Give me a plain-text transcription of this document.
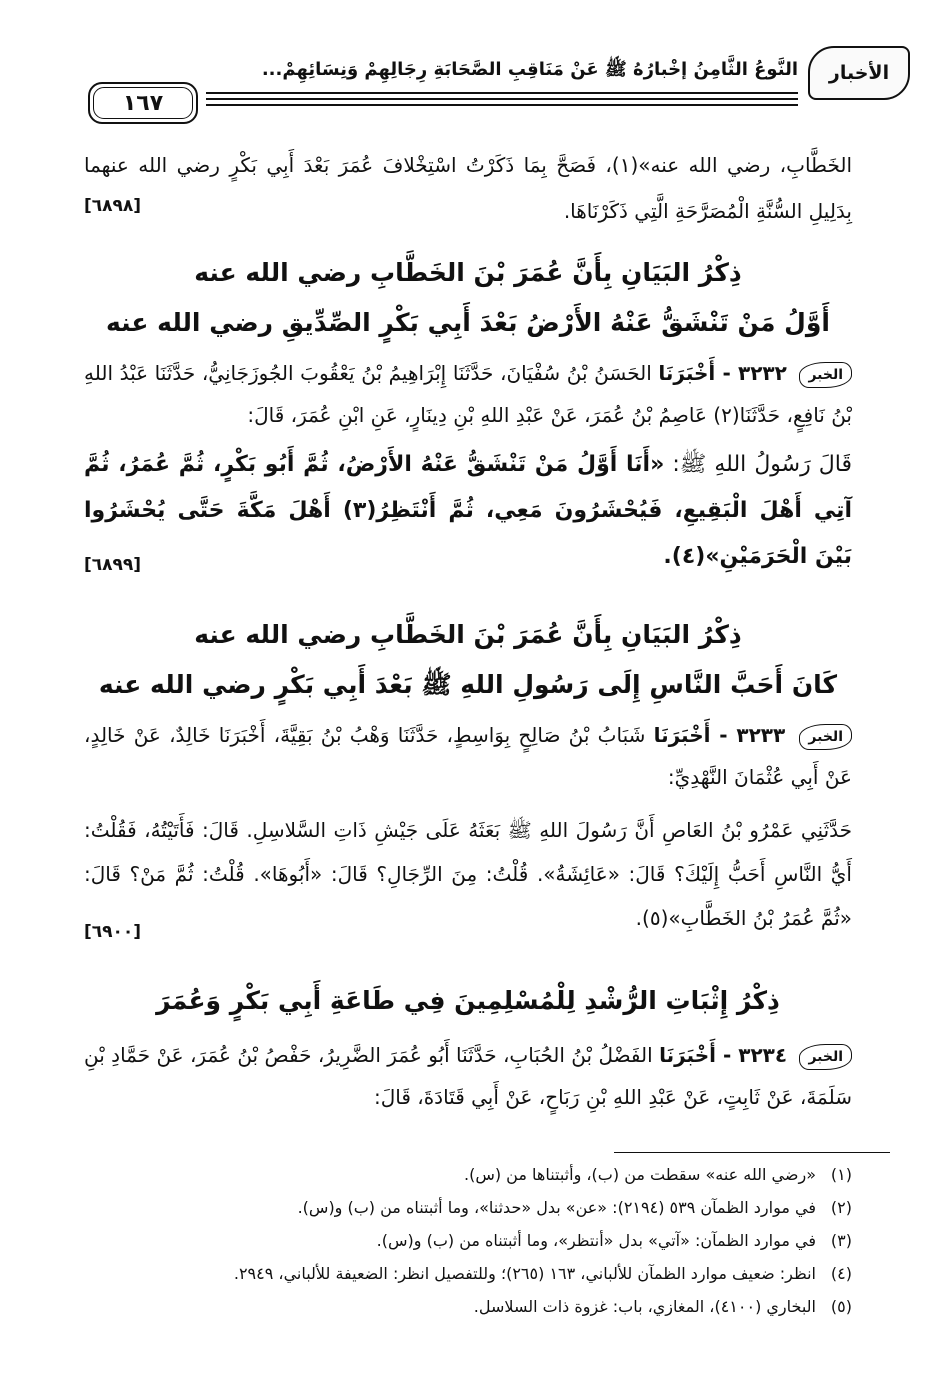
الأخبار
النَّوعُ الثَّامِنُ إخْبارُهُ ﷺ عَنْ مَنَاقِبِ الصَّحَابَةِ رِجَالِهِمْ وَنِسَائِهِمْ...
١٦٧

الخَطَّابِ، رضي الله عنه»(١)، فَصَحَّ بِمَا ذَكَرْتُ اسْتِخْلافَ عُمَرَ بَعْدَ أَبِي بَكْرٍ رضي الله عنهما بِدَلِيلِ السُّنَّةِ الْمُصَرَّحَةِ الَّتِي ذَكَرْنَاهَا.

[٦٨٩٨]
ذِكْرُ البَيَانِ بِأَنَّ عُمَرَ بْنَ الخَطَّابِ رضي الله عنه
أَوَّلُ مَنْ تَنْشَقُّ عَنْهُ الأَرْضُ بَعْدَ أَبِي بَكْرٍ الصِّدِّيقِ رضي الله عنه

الخبر ٣٢٣٢ - أَخْبَرَنَا الحَسَنُ بْنُ سُفْيَانَ، حَدَّثَنَا إِبْرَاهِيمُ بْنُ يَعْقُوبَ الجُوزَجَانِيُّ، حَدَّثَنَا عَبْدُ اللهِ بْنُ نَافِعٍ، حَدَّثَنَا(٢) عَاصِمُ بْنُ عُمَرَ، عَنْ عَبْدِ اللهِ بْنِ دِينَارٍ، عَنِ ابْنِ عُمَرَ، قَالَ:

قَالَ رَسُولُ اللهِ ﷺ: «أَنَا أَوَّلُ مَنْ تَنْشَقُّ عَنْهُ الأَرْضُ، ثُمَّ أَبُو بَكْرٍ، ثُمَّ عُمَرُ، ثُمَّ آتِي أَهْلَ الْبَقِيعِ، فَيُحْشَرُونَ مَعِي، ثُمَّ أَنْتَظِرُ(٣) أَهْلَ مَكَّةَ حَتَّى يُحْشَرُوا بَيْنَ الْحَرَمَيْنِ»(٤).

[٦٨٩٩]
ذِكْرُ البَيَانِ بِأَنَّ عُمَرَ بْنَ الخَطَّابِ رضي الله عنه
كَانَ أَحَبَّ النَّاسِ إِلَى رَسُولِ اللهِ ﷺ بَعْدَ أَبِي بَكْرٍ رضي الله عنه

الخبر ٣٢٣٣ - أَخْبَرَنَا شَبَابُ بْنُ صَالِحٍ بِوَاسِطٍ، حَدَّثَنَا وَهْبُ بْنُ بَقِيَّةَ، أَخْبَرَنَا خَالِدٌ، عَنْ خَالِدٍ، عَنْ أَبِي عُثْمَانَ النَّهْدِيِّ:

حَدَّثَنِي عَمْرُو بْنُ العَاصِ أَنَّ رَسُولَ اللهِ ﷺ بَعَثَهُ عَلَى جَيْشِ ذَاتِ السَّلاسِلِ. قَالَ: فَأَتَيْتُهُ، فَقُلْتُ: أَيُّ النَّاسِ أَحَبُّ إِلَيْكَ؟ قَالَ: «عَائِشَةُ». قُلْتُ: مِنَ الرِّجَالِ؟ قَالَ: «أَبُوهَا». قُلْتُ: ثُمَّ مَنْ؟ قَالَ: «ثُمَّ عُمَرُ بْنُ الخَطَّابِ»(٥).

[٦٩٠٠]
ذِكْرُ إِثْبَاتِ الرُّشْدِ لِلْمُسْلِمِينَ فِي طَاعَةِ أَبِي بَكْرٍ وَعُمَرَ

الخبر ٣٢٣٤ - أَخْبَرَنَا الفَضْلُ بْنُ الحُبَابِ، حَدَّثَنَا أَبُو عُمَرَ الضَّرِيرُ، حَفْصُ بْنُ عُمَرَ، عَنْ حَمَّادِ بْنِ سَلَمَةَ، عَنْ ثَابِتٍ، عَنْ عَبْدِ اللهِ بْنِ رَبَاحٍ، عَنْ أَبِي قَتَادَةَ، قَالَ:

(١)«رضي الله عنه» سقطت من (ب)، وأثبتناها من (س).

(٢)في موارد الظمآن ٥٣٩ (٢١٩٤): «عن» بدل «حدثنا»، وما أثبتناه من (ب) و(س).

(٣)في موارد الظمآن: «آتي» بدل «أنتظر»، وما أثبتناه من (ب) و(س).

(٤)انظر: ضعيف موارد الظمآن للألباني، ١٦٣ (٢٦٥)؛ وللتفصيل انظر: الضعيفة للألباني، ٢٩٤٩.

(٥)البخاري (٤١٠٠)، المغازي، باب: غزوة ذات السلاسل.
